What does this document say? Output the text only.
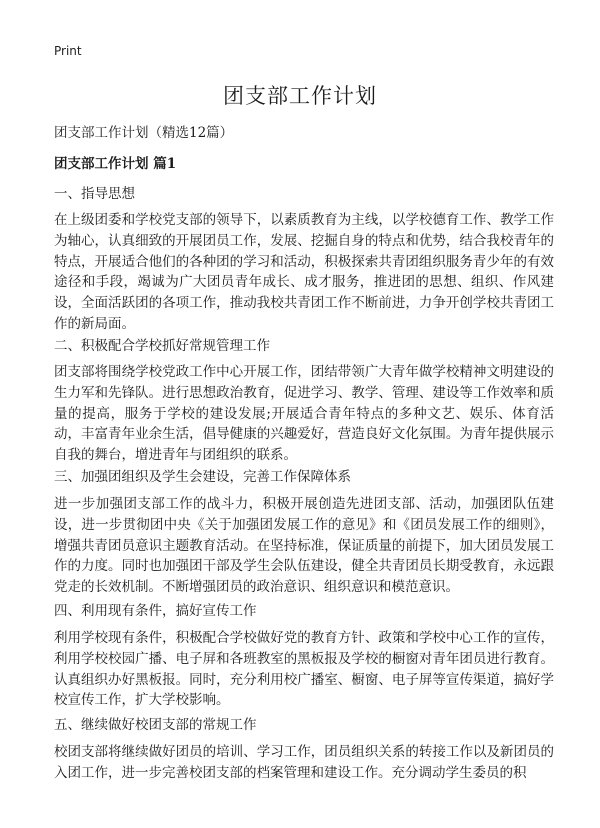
Print
团支部工作计划
团支部工作计划（精选12篇）
团支部工作计划 篇1
一、指导思想
在上级团委和学校党支部的领导下，以素质教育为主线，以学校德育工作、教学工作为轴心，认真细致的开展团员工作，发展、挖掘自身的特点和优势，结合我校青年的特点，开展适合他们的各种团的学习和活动，积极探索共青团组织服务青少年的有效途径和手段，竭诚为广大团员青年成长、成才服务，推进团的思想、组织、作风建设，全面活跃团的各项工作，推动我校共青团工作不断前进，力争开创学校共青团工作的新局面。
二、积极配合学校抓好常规管理工作
团支部将围绕学校党政工作中心开展工作，团结带领广大青年做学校精神文明建设的生力军和先锋队。进行思想政治教育，促进学习、教学、管理、建设等工作效率和质量的提高，服务于学校的建设发展;开展适合青年特点的多种文艺、娱乐、体育活动，丰富青年业余生活，倡导健康的兴趣爱好，营造良好文化氛围。为青年提供展示自我的舞台，增进青年与团组织的联系。
三、加强团组织及学生会建设，完善工作保障体系
进一步加强团支部工作的战斗力，积极开展创造先进团支部、活动，加强团队伍建设，进一步贯彻团中央《关于加强团发展工作的意见》和《团员发展工作的细则》，增强共青团员意识主题教育活动。在坚持标准，保证质量的前提下，加大团员发展工作的力度。同时也加强团干部及学生会队伍建设，健全共青团员长期受教育，永远跟党走的长效机制。不断增强团员的政治意识、组织意识和模范意识。
四、利用现有条件，搞好宣传工作
利用学校现有条件，积极配合学校做好党的教育方针、政策和学校中心工作的宣传，利用学校校园广播、电子屏和各班教室的黑板报及学校的橱窗对青年团员进行教育。认真组织办好黑板报。同时，充分利用校广播室、橱窗、电子屏等宣传渠道，搞好学校宣传工作，扩大学校影响。
五、继续做好校团支部的常规工作
校团支部将继续做好团员的培训、学习工作，团员组织关系的转接工作以及新团员的入团工作，进一步完善校团支部的档案管理和建设工作。充分调动学生委员的积
